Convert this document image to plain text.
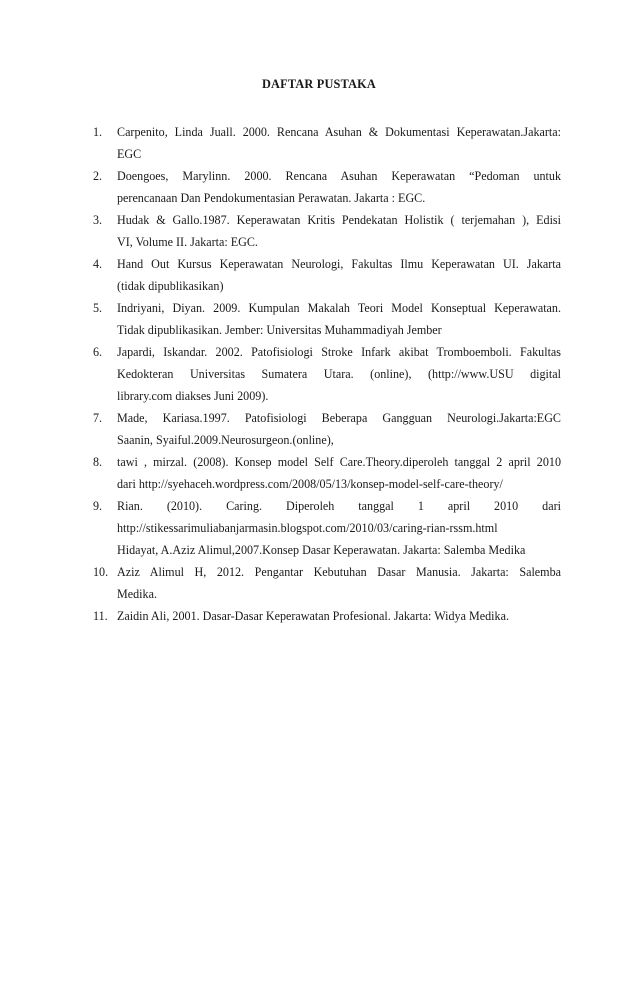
DAFTAR PUSTAKA
1. Carpenito, Linda Juall. 2000. Rencana Asuhan & Dokumentasi Keperawatan.Jakarta:
EGC
2. Doengoes, Marylinn. 2000. Rencana Asuhan Keperawatan “Pedoman untuk
perencanaan Dan Pendokumentasian Perawatan. Jakarta : EGC.
3. Hudak & Gallo.1987. Keperawatan Kritis Pendekatan Holistik ( terjemahan ), Edisi
VI, Volume II. Jakarta: EGC.
4. Hand Out Kursus Keperawatan Neurologi, Fakultas Ilmu Keperawatan UI. Jakarta
(tidak dipublikasikan)
5. Indriyani, Diyan. 2009. Kumpulan Makalah Teori Model Konseptual Keperawatan.
Tidak dipublikasikan. Jember: Universitas Muhammadiyah Jember
6. Japardi, Iskandar. 2002. Patofisiologi Stroke Infark akibat Tromboemboli. Fakultas
Kedokteran Universitas Sumatera Utara. (online), (http://www.USU digital
library.com diakses Juni 2009).
7. Made, Kariasa.1997. Patofisiologi Beberapa Gangguan Neurologi.Jakarta:EGC
Saanin, Syaiful.2009.Neurosurgeon.(online),
8. tawi , mirzal. (2008). Konsep model Self Care.Theory.diperoleh tanggal 2 april 2010
dari http://syehaceh.wordpress.com/2008/05/13/konsep-model-self-care-theory/
9. Rian. (2010). Caring. Diperoleh tanggal 1 april 2010 dari
http://stikessarimuliabanjarmasin.blogspot.com/2010/03/caring-rian-rssm.html
Hidayat, A.Aziz Alimul,2007.Konsep Dasar Keperawatan. Jakarta: Salemba Medika
10. Aziz Alimul H, 2012. Pengantar Kebutuhan Dasar Manusia. Jakarta: Salemba
Medika.
11. Zaidin Ali, 2001. Dasar-Dasar Keperawatan Profesional. Jakarta: Widya Medika.
